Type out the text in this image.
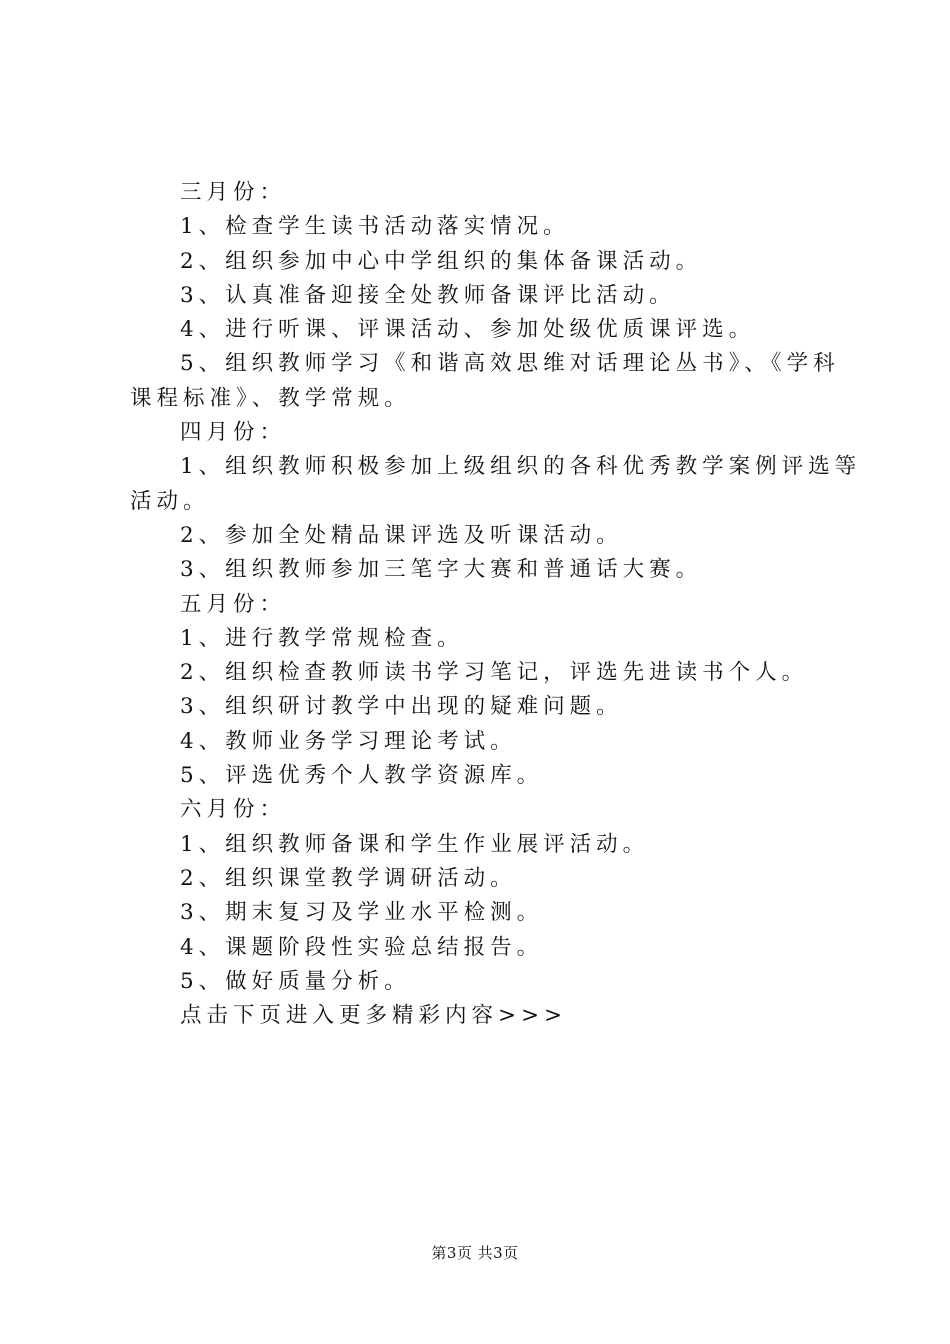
三月份：
1、检查学生读书活动落实情况。
2、组织参加中心中学组织的集体备课活动。
3、认真准备迎接全处教师备课评比活动。
4、进行听课、评课活动、参加处级优质课评选。
5、组织教师学习《和谐高效思维对话理论丛书》、《学科
课程标准》、教学常规。
四月份：
1、组织教师积极参加上级组织的各科优秀教学案例评选等
活动。
2、参加全处精品课评选及听课活动。
3、组织教师参加三笔字大赛和普通话大赛。
五月份：
1、进行教学常规检查。
2、组织检查教师读书学习笔记，评选先进读书个人。
3、组织研讨教学中出现的疑难问题。
4、教师业务学习理论考试。
5、评选优秀个人教学资源库。
六月份：
1、组织教师备课和学生作业展评活动。
2、组织课堂教学调研活动。
3、期末复习及学业水平检测。
4、课题阶段性实验总结报告。
5、做好质量分析。
点击下页进入更多精彩内容>>>
第3页 共3页
